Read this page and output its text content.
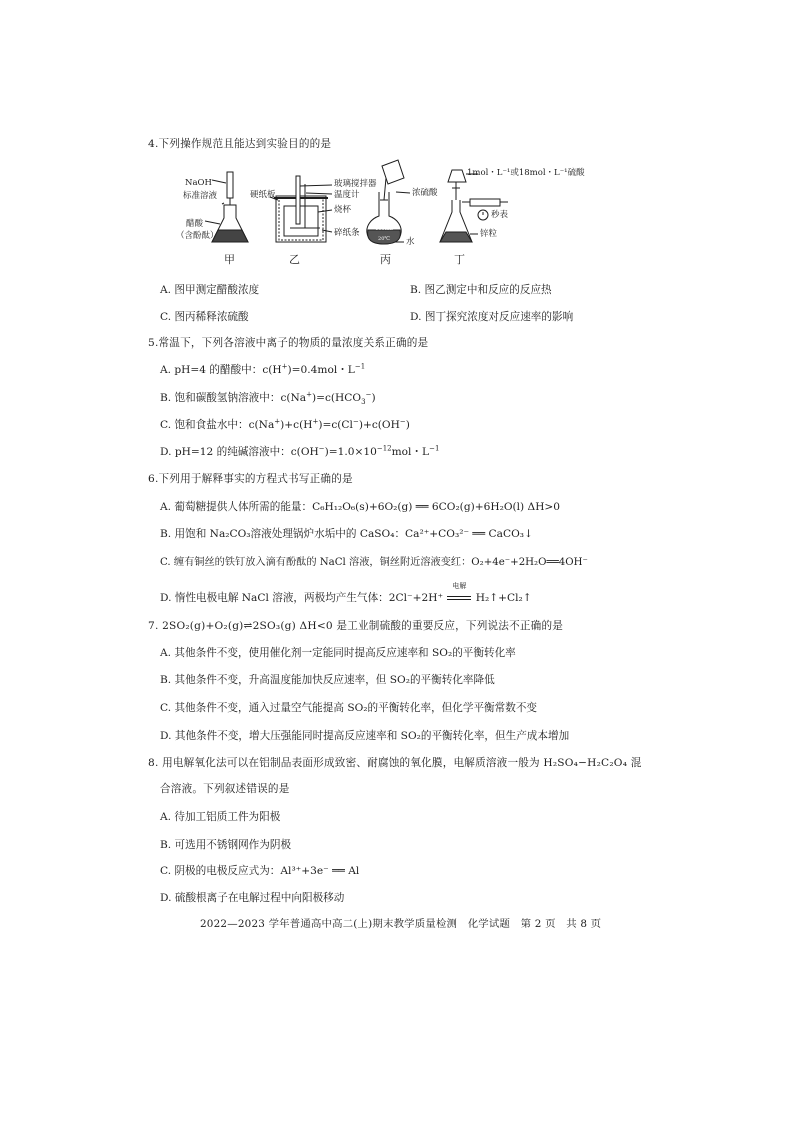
4.下列操作规范且能达到实验目的的是
NaOH
标准溶液
醋酸
（含酚酞）
甲
玻璃搅拌器
温度计
硬纸板
烧杯
碎纸条
乙
浓硫酸
100mL 20℃	水
丙
1mol・L⁻¹或18mol・L⁻¹硫酸
秒表
锌粒
丁
A. 图甲测定醋酸浓度	B. 图乙测定中和反应的反应热
C. 图丙稀释浓硫酸	D. 图丁探究浓度对反应速率的影响
5.常温下，下列各溶液中离子的物质的量浓度关系正确的是
A. pH=4 的醋酸中：c(H+)=0.4mol・$L^{-1}$
B. 饱和碳酸氢钠溶液中：$c(Na^+)=c(HCO_3^-)$
C. 饱和食盐水中：c(Na+)+c(H+)=c(Cl−)+c(OH−)
D. pH=12 的纯碱溶液中：$c(OH^-)=1.0\times 10^{-12}mol$・$L^{-1}$
6.下列用于解释事实的方程式书写正确的是
A. 葡萄糖提供人体所需的能量：C₆H₁₂O₆(s)+6O₂(g) ══ 6CO₂(g)+6H₂O(l) ΔH>0
B. 用饱和 Na₂CO₃溶液处理锅炉水垢中的 CaSO₄：Ca²⁺+CO₃²⁻ ══ CaCO₃↓
C. 缠有铜丝的铁钉放入滴有酚酞的 NaCl 溶液，铜丝附近溶液变红：O₂+4e⁻+2H₂O══4OH⁻
D. 惰性电极电解 NaCl 溶液，两极均产生气体：2Cl⁻+2H⁺
电解
H₂↑+Cl₂↑
7. 2SO₂(g)+O₂(g)⇌2SO₃(g) ΔH<0 是工业制硫酸的重要反应，下列说法不正确的是
A. 其他条件不变，使用催化剂一定能同时提高反应速率和 SO₂的平衡转化率
B. 其他条件不变，升高温度能加快反应速率，但 SO₂的平衡转化率降低
C. 其他条件不变，通入过量空气能提高 SO₂的平衡转化率，但化学平衡常数不变
D. 其他条件不变，增大压强能同时提高反应速率和 SO₂的平衡转化率，但生产成本增加
8. 用电解氧化法可以在铝制品表面形成致密、耐腐蚀的氧化膜，电解质溶液一般为 H₂SO₄−H₂C₂O₄ 混
合溶液。下列叙述错误的是
A. 待加工铝质工件为阳极
B. 可选用不锈钢网作为阴极
C. 阴极的电极反应式为：Al³⁺+3e⁻ ══ Al
D. 硫酸根离子在电解过程中向阳极移动
2022—2023 学年普通高中高二(上)期末教学质量检测　化学试题　第 2 页　共 8 页
